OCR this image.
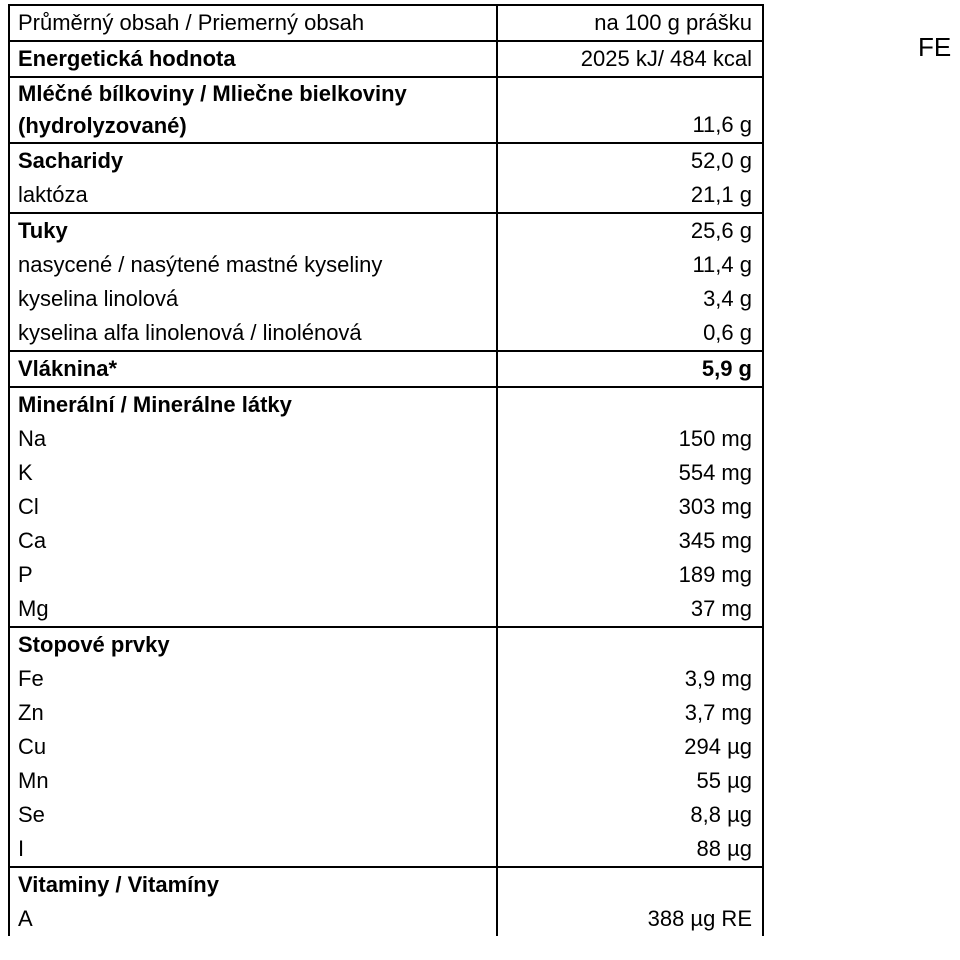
Průměrný obsah / Priemerný obsah	na 100 g prášku
Energetická hodnota	2025 kJ/ 484 kcal
Mléčné bílkoviny / Mliečne bielkoviny (hydrolyzované)	11,6 g
Sacharidy	52,0 g
laktóza	21,1 g
Tuky	25,6 g
nasycené / nasýtené mastné kyseliny	11,4 g
kyselina linolová	3,4 g
kyselina alfa linolenová / linolénová	0,6 g
Vláknina*	5,9 g
Minerální / Minerálne látky	
Na	150 mg
K	554 mg
Cl	303 mg
Ca	345 mg
P	189 mg
Mg	37 mg
Stopové prvky	
Fe	3,9 mg
Zn	3,7 mg
Cu	294 µg
Mn	55 µg
Se	8,8 µg
I	88 µg
Vitaminy / Vitamíny	
A	388 µg RE
FE
